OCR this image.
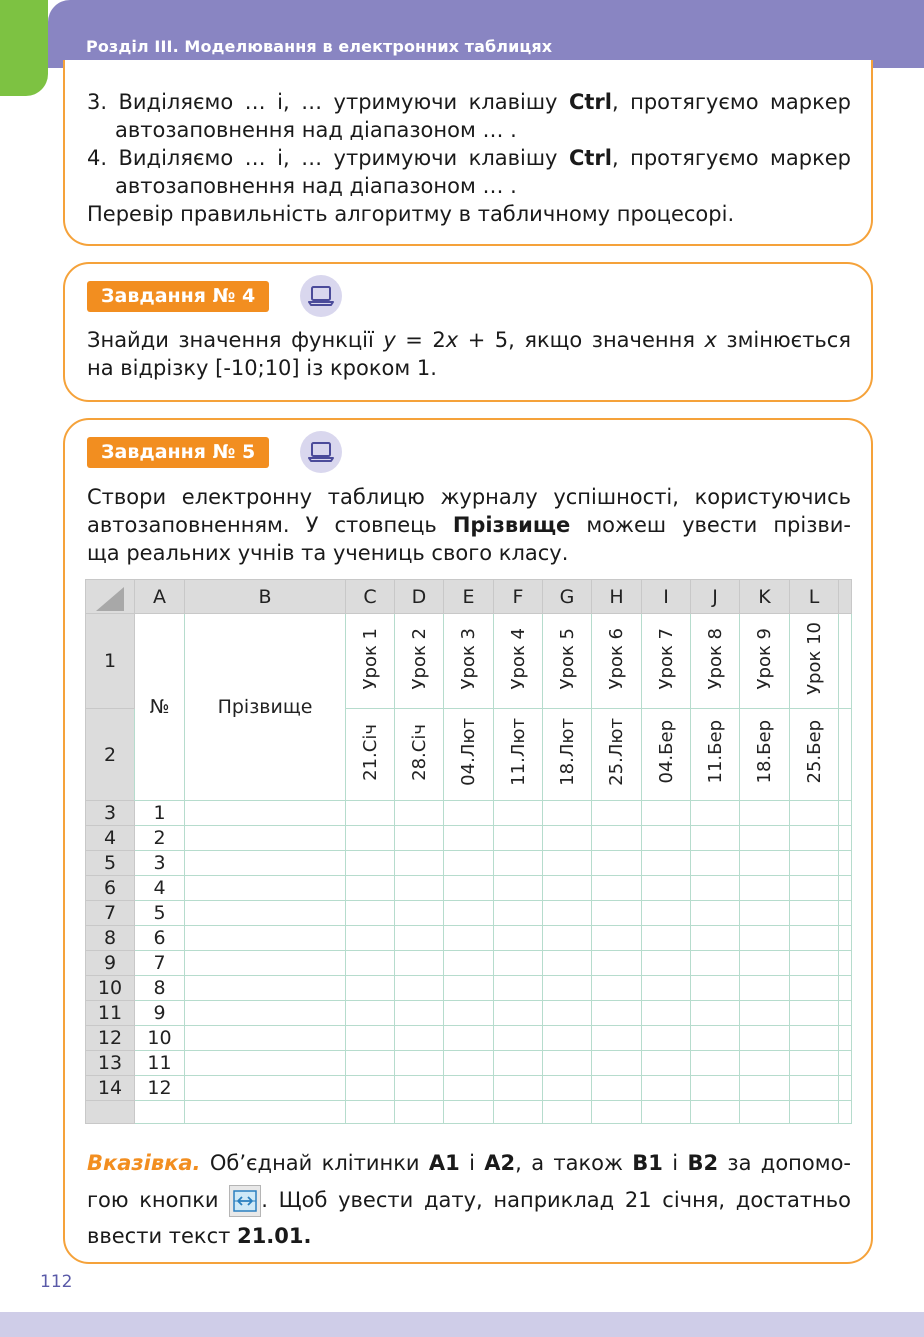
Розділ III. Моделювання в електронних таблицях
3. Виділяємо … і, … утримуючи клавішу Ctrl, протягуємо маркер
автозаповнення над діапазоном … .
4. Виділяємо … і, … утримуючи клавішу Ctrl, протягуємо маркер
автозаповнення над діапазоном … .
Перевір правильність алгоритму в табличному процесорі.
Завдання № 4
Знайди значення функції y = 2x + 5, якщо значення x змінюється
на відрізку [-10;10] із кроком 1.
Завдання № 5
Створи електронну таблицю журналу успішності, користуючись
автозаповненням. У стовпець Прізвище можеш увести прізви-
ща реальних учнів та учениць свого класу.
Вказівка. Об’єднай клітинки A1 і A2, а також B1 і B2 за допомо-
гою кнопки
. Щоб увести дату, наприклад 21 січня, достатньо
ввести текст 21.01.
	A	B	C	D	E	F	G	H	I	J	K	L	
1	№	Прізвище	Урок 1	Урок 2	Урок 3	Урок 4	Урок 5	Урок 6	Урок 7	Урок 8	Урок 9	Урок 10	
2			21.Січ	28.Січ	04.Лют	11.Лют	18.Лют	25.Лют	04.Бер	11.Бер	18.Бер	25.Бер	
3	1												
4	2												
5	3												
6	4												
7	5												
8	6												
9	7												
10	8												
11	9												
12	10												
13	11												
14	12												

112
